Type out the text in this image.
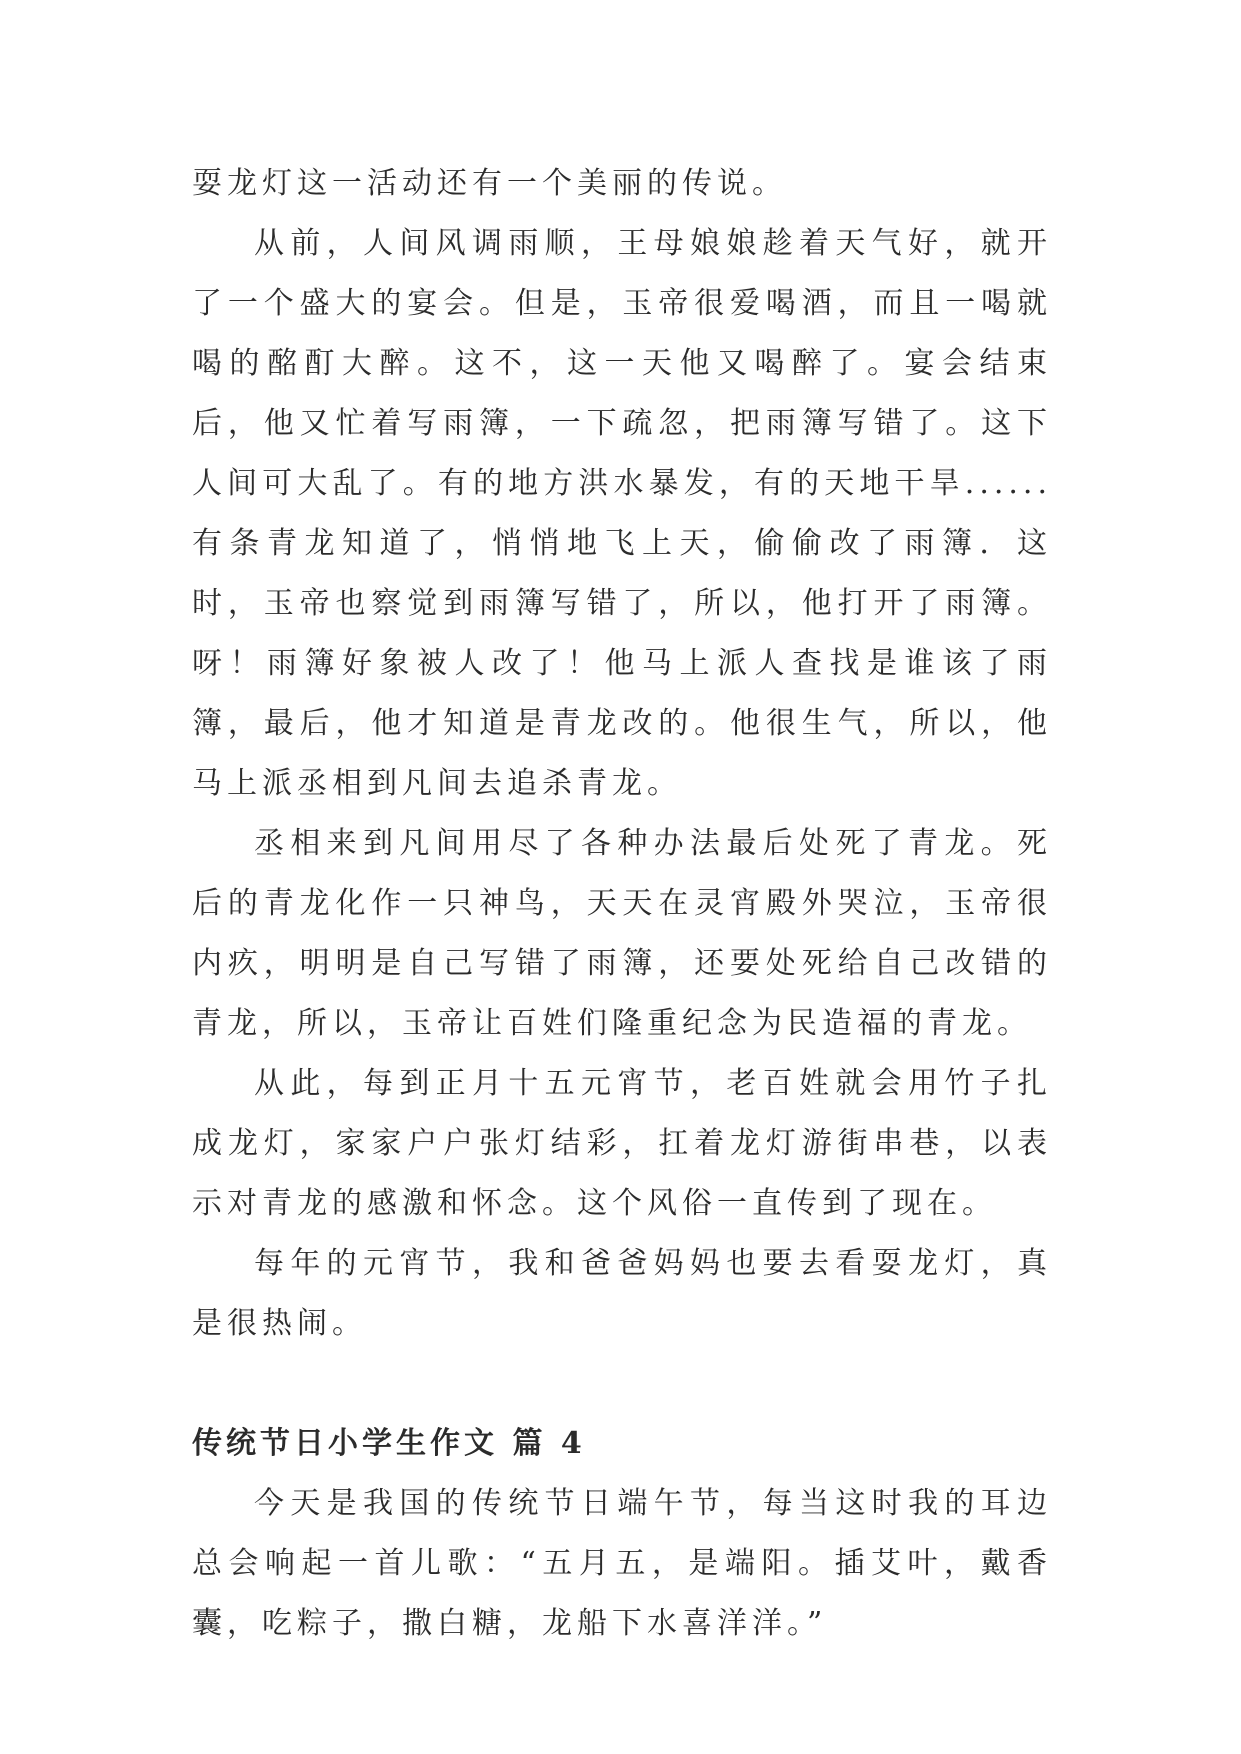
耍龙灯这一活动还有一个美丽的传说。

从前，人间风调雨顺，王母娘娘趁着天气好，就开了一个盛大的宴会。但是，玉帝很爱喝酒，而且一喝就喝的酩酊大醉。这不，这一天他又喝醉了。宴会结束后，他又忙着写雨簿，一下疏忽，把雨簿写错了。这下人间可大乱了。有的地方洪水暴发，有的天地干旱......有条青龙知道了，悄悄地飞上天，偷偷改了雨簿．这时，玉帝也察觉到雨簿写错了，所以，他打开了雨簿。呀！雨簿好象被人改了！他马上派人查找是谁该了雨簿，最后，他才知道是青龙改的。他很生气，所以，他马上派丞相到凡间去追杀青龙。

丞相来到凡间用尽了各种办法最后处死了青龙。死后的青龙化作一只神鸟，天天在灵宵殿外哭泣，玉帝很内疚，明明是自己写错了雨簿，还要处死给自己改错的青龙，所以，玉帝让百姓们隆重纪念为民造福的青龙。

从此，每到正月十五元宵节，老百姓就会用竹子扎成龙灯，家家户户张灯结彩，扛着龙灯游街串巷，以表示对青龙的感激和怀念。这个风俗一直传到了现在。

每年的元宵节，我和爸爸妈妈也要去看耍龙灯，真是很热闹。

传统节日小学生作文 篇 4

今天是我国的传统节日端午节，每当这时我的耳边总会响起一首儿歌：“五月五，是端阳。插艾叶，戴香囊，吃粽子，撒白糖，龙船下水喜洋洋。”
